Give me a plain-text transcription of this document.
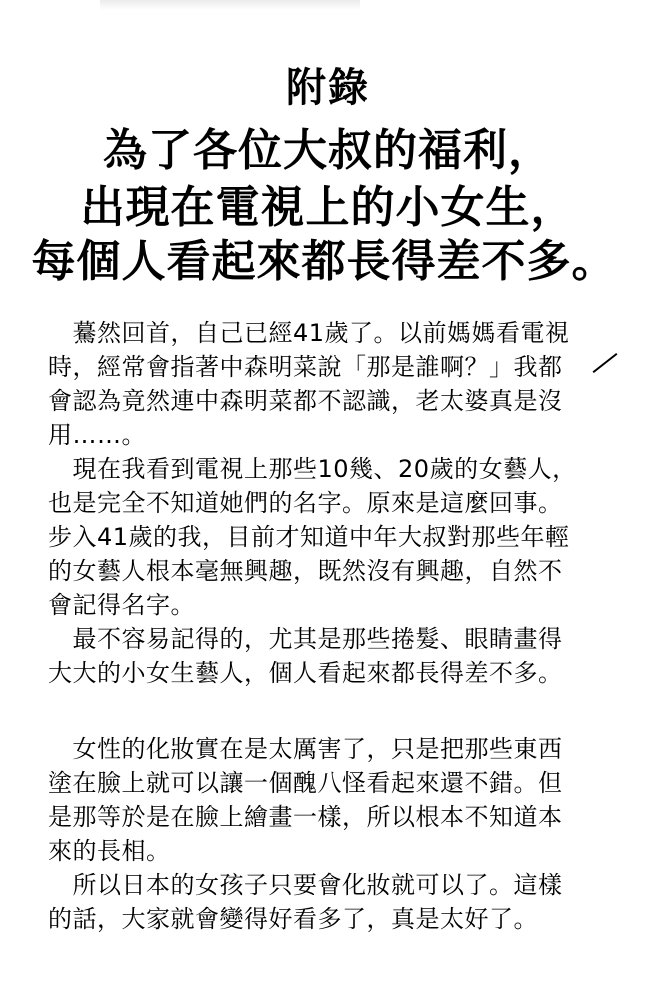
附錄
為了各位大叔的福利，
出現在電視上的小女生，
每個人看起來都長得差不多。
　驀然回首，自己已經41歲了。以前媽媽看電視
時，經常會指著中森明菜說「那是誰啊？」我都
會認為竟然連中森明菜都不認識，老太婆真是沒
用……。
　現在我看到電視上那些10幾、20歲的女藝人，
也是完全不知道她們的名字。原來是這麼回事。
步入41歲的我，目前才知道中年大叔對那些年輕
的女藝人根本毫無興趣，既然沒有興趣，自然不
會記得名字。
　最不容易記得的，尤其是那些捲髮、眼睛畫得
大大的小女生藝人，個人看起來都長得差不多。
　女性的化妝實在是太厲害了，只是把那些東西
塗在臉上就可以讓一個醜八怪看起來還不錯。但
是那等於是在臉上繪畫一樣，所以根本不知道本
來的長相。
　所以日本的女孩子只要會化妝就可以了。這樣
的話，大家就會變得好看多了，真是太好了。
